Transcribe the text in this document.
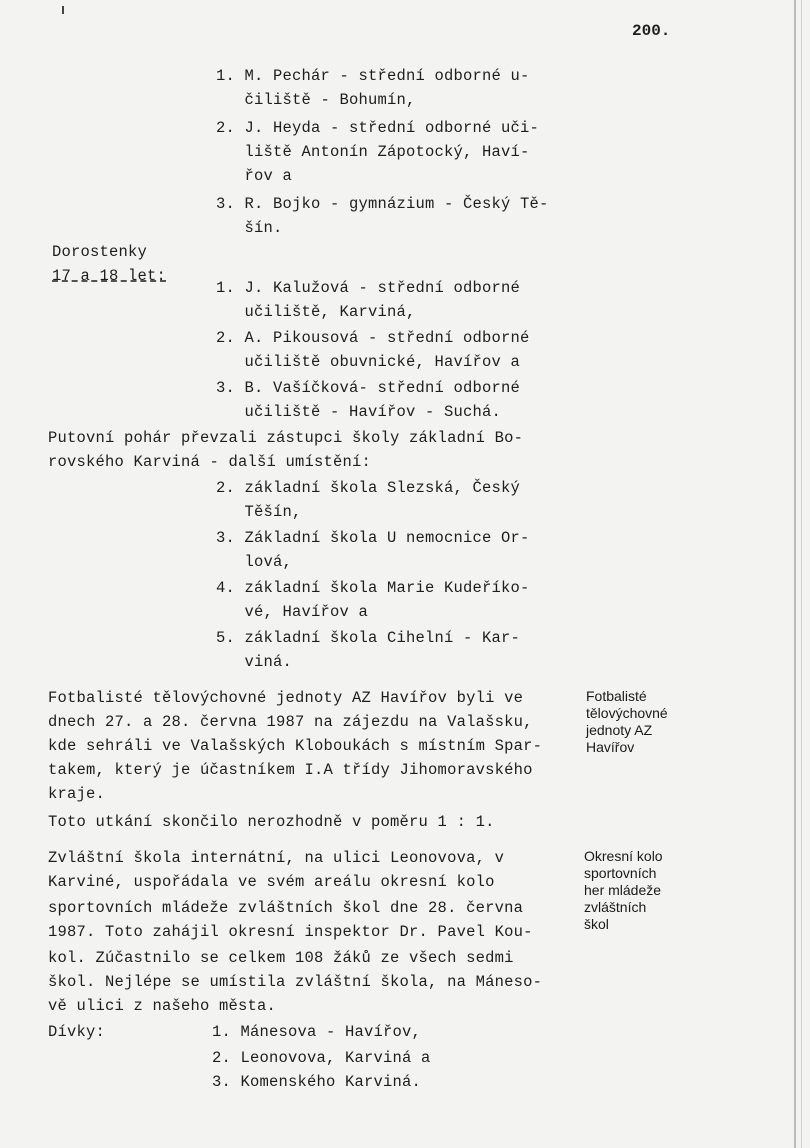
200.
1. M. Pechár - střední odborné u-
čiliště - Bohumín,
2. J. Heyda - střední odborné uči-
liště Antonín Zápotocký, Haví-
řov a
3. R. Bojko - gymnázium - Český Tě-
šín.
Dorostenky
17 a 18 let:
1. J. Kalužová - střední odborné
učiliště, Karviná,
2. A. Pikousová - střední odborné
učiliště obuvnické, Havířov a
3. B. Vašíčková- střední odborné
učiliště - Havířov - Suchá.
Putovní pohár převzali zástupci školy základní Bo-
rovského Karviná - další umístění:
2. základní škola Slezská, Český
Těšín,
3. Základní škola U nemocnice Or-
lová,
4. základní škola Marie Kudeříko-
vé, Havířov a
5. základní škola Cihelní - Kar-
viná.
Fotbalisté tělovýchovné jednoty AZ Havířov byli ve
dnech 27. a 28. června 1987 na zájezdu na Valašsku,
kde sehráli ve Valašských Kloboukách s místním Spar-
takem, který je účastníkem I.A třídy Jihomoravského
kraje.
Toto utkání skončilo nerozhodně v poměru 1 : 1.
Fotbalisté
tělovýchovné
jednoty AZ
Havířov
Zvláštní škola internátní, na ulici Leonovova, v
Karviné, uspořádala ve svém areálu okresní kolo
sportovních mládeže zvláštních škol dne 28. června
1987. Toto zahájil okresní inspektor Dr. Pavel Kou-
kol. Zúčastnilo se celkem 108 žáků ze všech sedmi
škol. Nejlépe se umístila zvláštní škola, na Máneso-
vě ulici z našeho města.
Okresní kolo
sportovních
her mládeže
zvláštních
škol
Dívky:	1. Mánesova - Havířov,
2. Leonovova, Karviná a
3. Komenského Karviná.
